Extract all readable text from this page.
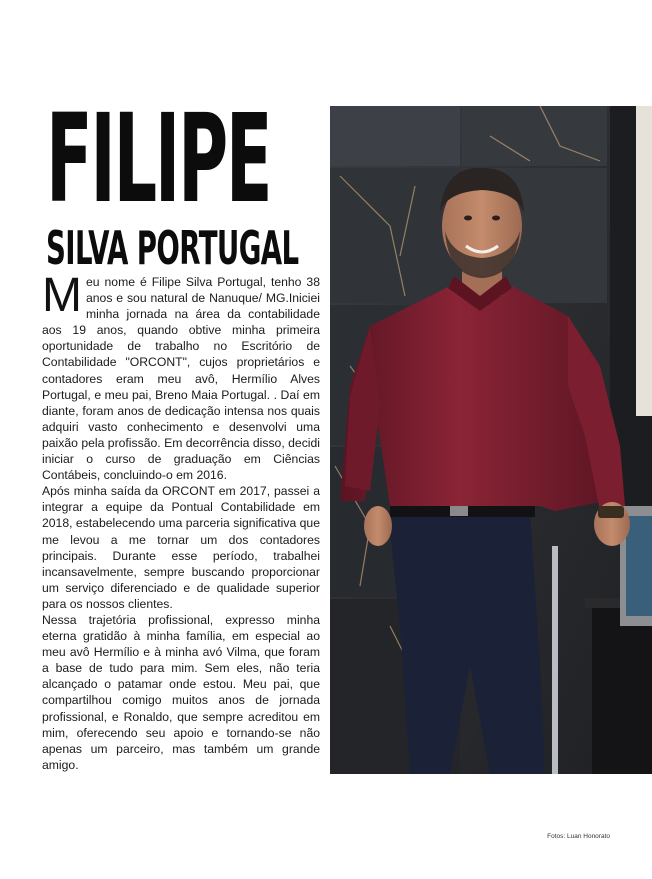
FILIPE
SILVA PORTUGAL

Meu nome é Filipe Silva Portugal, tenho 38 anos e sou natural de Nanuque/ MG.Iniciei minha jornada na área da contabilidade aos 19 anos, quando obtive minha primeira oportunidade de trabalho no Escritório de Contabilidade "ORCONT", cujos proprietários e contadores eram meu avô, Hermílio Alves Portugal, e meu pai, Breno Maia Portugal. . Daí em diante, foram anos de dedicação intensa nos quais adquiri vasto conhecimento e desenvolvi uma paixão pela profissão. Em decorrência disso, decidi iniciar o curso de graduação em Ciências Contábeis, concluindo-o em 2016.

Após minha saída da ORCONT em 2017, passei a integrar a equipe da Pontual Contabilidade em 2018, estabelecendo uma parceria significativa que me levou a me tornar um dos contadores principais. Durante esse período, trabalhei incansavelmente, sempre buscando proporcionar um serviço diferenciado e de qualidade superior para os nossos clientes.

Nessa trajetória profissional, expresso minha eterna gratidão à minha família, em especial ao meu avô Hermílio e à minha avó Vilma, que foram a base de tudo para mim. Sem eles, não teria alcançado o patamar onde estou. Meu pai, que compartilhou comigo muitos anos de jornada profissional, e Ronaldo, que sempre acreditou em mim, oferecendo seu apoio e tornando-se não apenas um parceiro, mas também um grande amigo.

Fotos: Luan Honorato
